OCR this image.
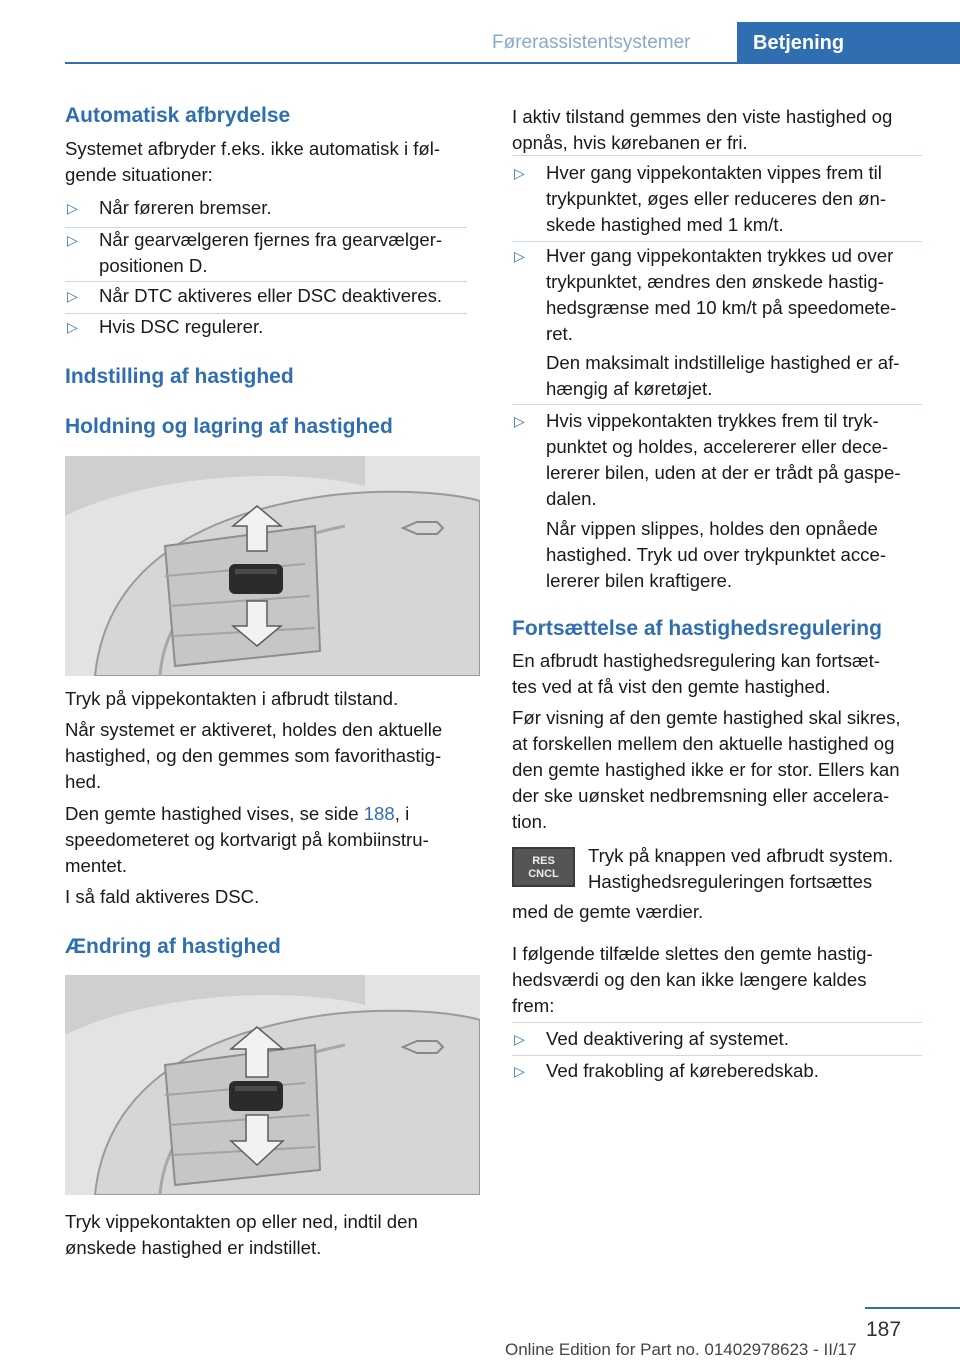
Førerassistentsystemer	Betjening
Automatisk afbrydelse

Systemet afbryder f.eks. ikke automatisk i føl‐
gende situationer:

▷ Når føreren bremser.
▷ Når gearvælgeren fjernes fra gearvælger‐
positionen D.
▷ Når DTC aktiveres eller DSC deaktiveres.
▷ Hvis DSC regulerer.
Indstilling af hastighed
Holdning og lagring af hastighed

Tryk på vippekontakten i afbrudt tilstand.

Når systemet er aktiveret, holdes den aktuelle
hastighed, og den gemmes som favorithastig‐
hed.

Den gemte hastighed vises, se side 188, i
speedometeret og kortvarigt på kombiinstru‐
mentet.

I så fald aktiveres DSC.

Ændring af hastighed

Tryk vippekontakten op eller ned, indtil den
ønskede hastighed er indstillet.

I aktiv tilstand gemmes den viste hastighed og
opnås, hvis kørebanen er fri.

▷ Hver gang vippekontakten vippes frem til
trykpunktet, øges eller reduceres den øn‐
skede hastighed med 1 km/t.
▷ Hver gang vippekontakten trykkes ud over
trykpunktet, ændres den ønskede hastig‐
hedsgrænse med 10 km/t på speedomete‐
ret.
Den maksimalt indstillelige hastighed er af‐
hængig af køretøjet.
▷ Hvis vippekontakten trykkes frem til tryk‐
punktet og holdes, accelererer eller dece‐
lererer bilen, uden at der er trådt på gaspe‐
dalen.
Når vippen slippes, holdes den opnåede
hastighed. Tryk ud over trykpunktet acce‐
lererer bilen kraftigere.
Fortsættelse af hastighedsregulering

En afbrudt hastighedsregulering kan fortsæt‐
tes ved at få vist den gemte hastighed.

Før visning af den gemte hastighed skal sikres,
at forskellen mellem den aktuelle hastighed og
den gemte hastighed ikke er for stor. Ellers kan
der ske uønsket nedbremsning eller accelera‐
tion.

RES
CNCL

Tryk på knappen ved afbrudt system.
Hastighedsreguleringen fortsættes

med de gemte værdier.

I følgende tilfælde slettes den gemte hastig‐
hedsværdi og den kan ikke længere kaldes
frem:

▷ Ved deaktivering af systemet.
▷ Ved frakobling af køreberedskab.
187
Online Edition for Part no. 01402978623 - II/17
